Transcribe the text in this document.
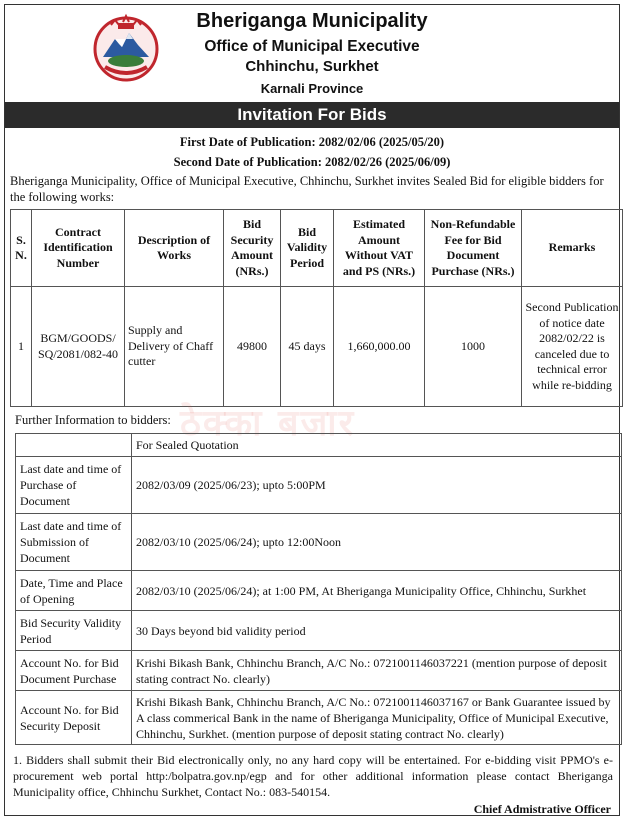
Bheriganga Municipality
Office of Municipal Executive
Chhinchu, Surkhet
Karnali Province
Invitation For Bids
First Date of Publication: 2082/02/06 (2025/05/20)
Second Date of Publication: 2082/02/26 (2025/06/09)
Bheriganga Municipality, Office of Municipal Executive, Chhinchu, Surkhet invites Sealed Bid for eligible bidders for the following works:
S. N.	Contract Identification Number	Description of Works	Bid Security Amount (NRs.)	Bid Validity Period	Estimated Amount Without VAT and PS (NRs.)	Non-Refundable Fee for Bid Document Purchase (NRs.)	Remarks
1	BGM/GOODS/ SQ/2081/082-40	Supply and Delivery of Chaff cutter	49800	45 days	1,660,000.00	1000	Second Publication of notice date 2082/02/22 is canceled due to technical error while re-bidding
ठेक्का बजार
Further Information to bidders:
	For Sealed Quotation
Last date and time of Purchase of Document	2082/03/09 (2025/06/23); upto 5:00PM
Last date and time of Submission of Document	2082/03/10 (2025/06/24); upto 12:00Noon
Date, Time and Place of Opening	2082/03/10 (2025/06/24); at 1:00 PM, At Bheriganga Municipality Office, Chhinchu, Surkhet
Bid Security Validity Period	30 Days beyond bid validity period
Account No. for Bid Document Purchase	Krishi Bikash Bank, Chhinchu Branch, A/C No.: 0721001146037221 (mention purpose of deposit stating contract No. clearly)
Account No. for Bid Security Deposit	Krishi Bikash Bank, Chhinchu Branch, A/C No.: 0721001146037167 or Bank Guarantee issued by A class commerical Bank in the name of Bheriganga Municipality, Office of Municipal Executive, Chhinchu, Surkhet. (mention purpose of deposit stating contract No. clearly)
1. Bidders shall submit their Bid electronically only, no any hard copy will be entertained. For e-bidding visit PPMO's e-procurement web portal http:/bolpatra.gov.np/egp and for other additional information please contact Bheriganga Municipality office, Chhinchu Surkhet, Contact No.: 083-540154.
Chief Admistrative Officer
